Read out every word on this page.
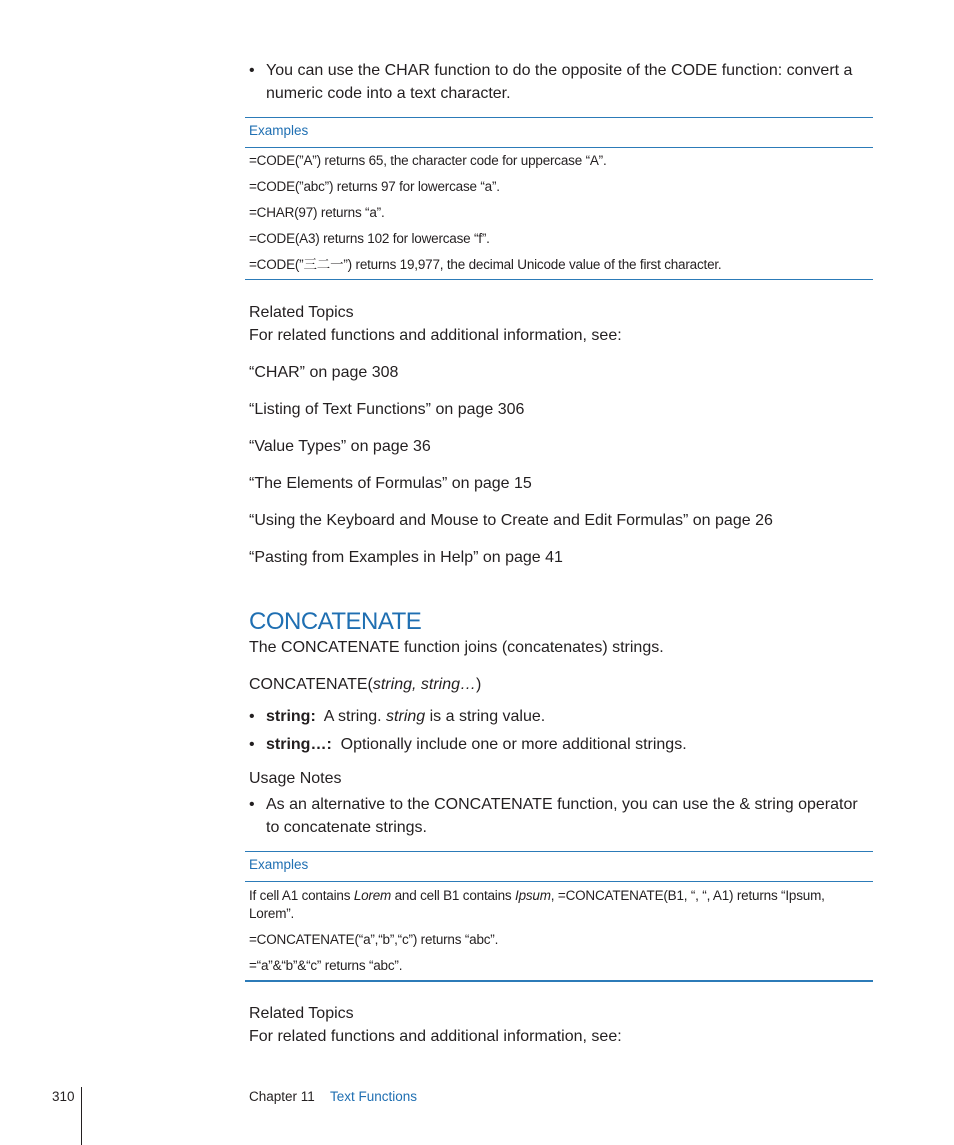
• You can use the CHAR function to do the opposite of the CODE function: convert a numeric code into a text character.
Examples
=CODE(”A”) returns 65, the character code for uppercase “A”.
=CODE(”abc”) returns 97 for lowercase “a”.
=CHAR(97) returns “a”.
=CODE(A3) returns 102 for lowercase “f”.
=CODE(”三二一”) returns 19,977, the decimal Unicode value of the first character.
Related Topics
For related functions and additional information, see:
“CHAR” on page 308
“Listing of Text Functions” on page 306
“Value Types” on page 36
“The Elements of Formulas” on page 15
“Using the Keyboard and Mouse to Create and Edit Formulas” on page 26
“Pasting from Examples in Help” on page 41
CONCATENATE
The CONCATENATE function joins (concatenates) strings.
CONCATENATE(string, string…)
• string: A string. string is a string value.
• string…: Optionally include one or more additional strings.
Usage Notes
• As an alternative to the CONCATENATE function, you can use the & string operator to concatenate strings.
Examples
If cell A1 contains Lorem and cell B1 contains Ipsum, =CONCATENATE(B1, “, “, A1) returns “Ipsum, Lorem”.
=CONCATENATE(“a”,“b”,“c”) returns “abc”.
=“a”&“b”&“c” returns “abc”.
Related Topics
For related functions and additional information, see:
310	Chapter 11 Text Functions
